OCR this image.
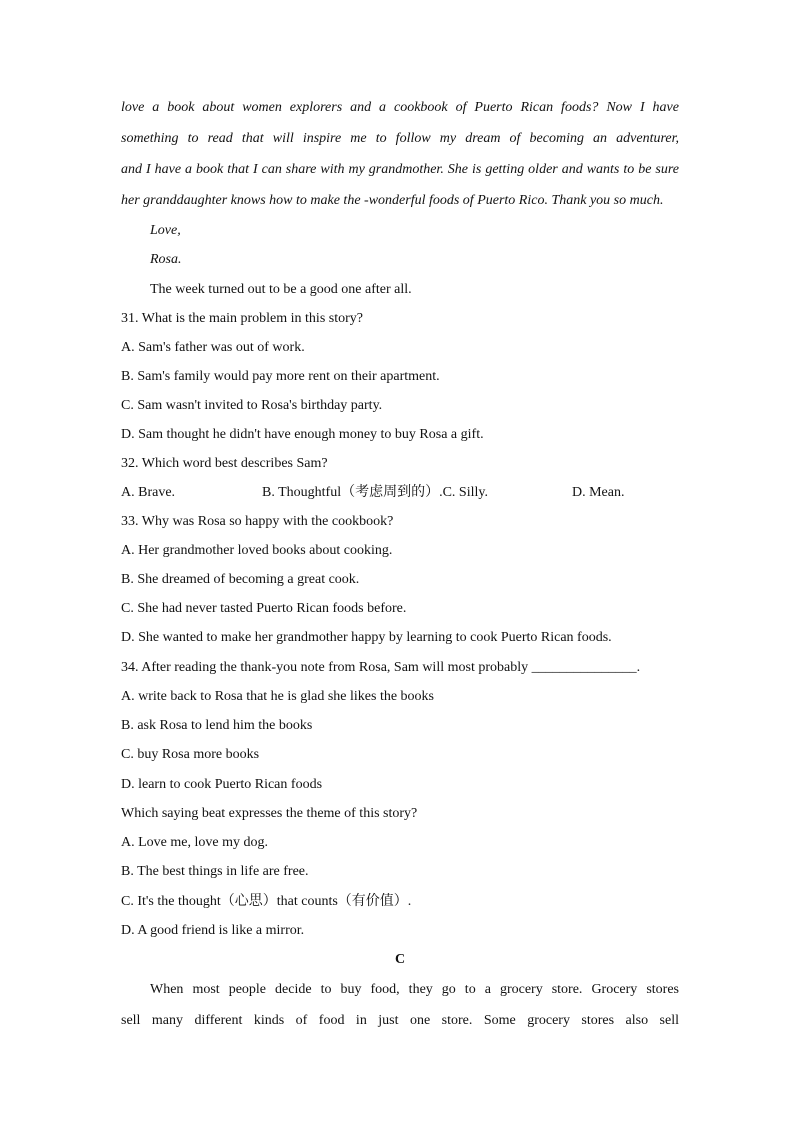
love a book about women explorers and a cookbook of Puerto Rican foods? Now I have
something to read that will inspire me to follow my dream of becoming an adventurer,
and I have a book that I can share with my grandmother. She is getting older and wants to be sure
her granddaughter knows how to make the -wonderful foods of Puerto Rico. Thank you so much.
Love,
Rosa.
The week turned out to be a good one after all.
31. What is the main problem in this story?
A. Sam's father was out of work.
B. Sam's family would pay more rent on their apartment.
C. Sam wasn't invited to Rosa's birthday party.
D. Sam thought he didn't have enough money to buy Rosa a gift.
32. Which word best describes Sam?
A. Brave.	B. Thoughtful（考虑周到的）.C. Silly.	D. Mean.
33. Why was Rosa so happy with the cookbook?
A. Her grandmother loved books about cooking.
B. She dreamed of becoming a great cook.
C. She had never tasted Puerto Rican foods before.
D. She wanted to make her grandmother happy by learning to cook Puerto Rican foods.
34. After reading the thank-you note from Rosa, Sam will most probably _______________.
A. write back to Rosa that he is glad she likes the books
B. ask Rosa to lend him the books
C. buy Rosa more books
D. learn to cook Puerto Rican foods
Which saying beat expresses the theme of this story?
A. Love me, love my dog.
B. The best things in life are free.
C. It's the thought（心思）that counts（有价值）.
D. A good friend is like a mirror.
C
When most people decide to buy food, they go to a grocery store. Grocery stores
sell many different kinds of food in just one store. Some grocery stores also sell
